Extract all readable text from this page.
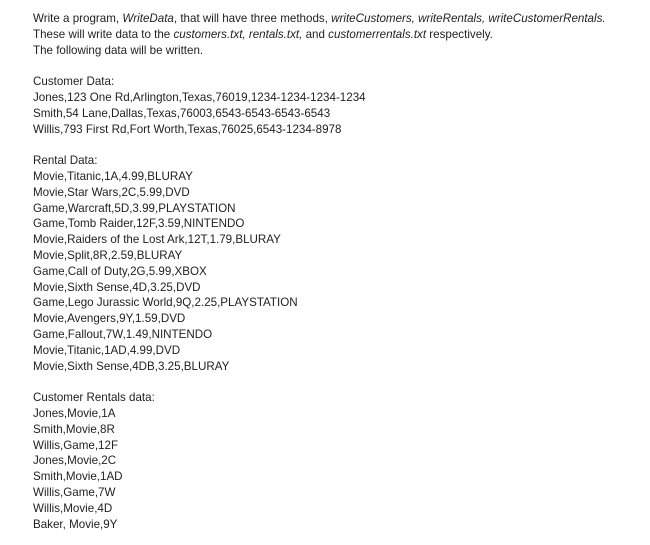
Write a program, WriteData, that will have three methods, writeCustomers, writeRentals, writeCustomerRentals.
These will write data to the customers.txt, rentals.txt, and customerrentals.txt respectively.
The following data will be written.
Customer Data:
Jones,123 One Rd,Arlington,Texas,76019,1234-1234-1234-1234
Smith,54 Lane,Dallas,Texas,76003,6543-6543-6543-6543
Willis,793 First Rd,Fort Worth,Texas,76025,6543-1234-8978
Rental Data:
Movie,Titanic,1A,4.99,BLURAY
Movie,Star Wars,2C,5.99,DVD
Game,Warcraft,5D,3.99,PLAYSTATION
Game,Tomb Raider,12F,3.59,NINTENDO
Movie,Raiders of the Lost Ark,12T,1.79,BLURAY
Movie,Split,8R,2.59,BLURAY
Game,Call of Duty,2G,5.99,XBOX
Movie,Sixth Sense,4D,3.25,DVD
Game,Lego Jurassic World,9Q,2.25,PLAYSTATION
Movie,Avengers,9Y,1.59,DVD
Game,Fallout,7W,1.49,NINTENDO
Movie,Titanic,1AD,4.99,DVD
Movie,Sixth Sense,4DB,3.25,BLURAY
Customer Rentals data:
Jones,Movie,1A
Smith,Movie,8R
Willis,Game,12F
Jones,Movie,2C
Smith,Movie,1AD
Willis,Game,7W
Willis,Movie,4D
Baker, Movie,9Y
